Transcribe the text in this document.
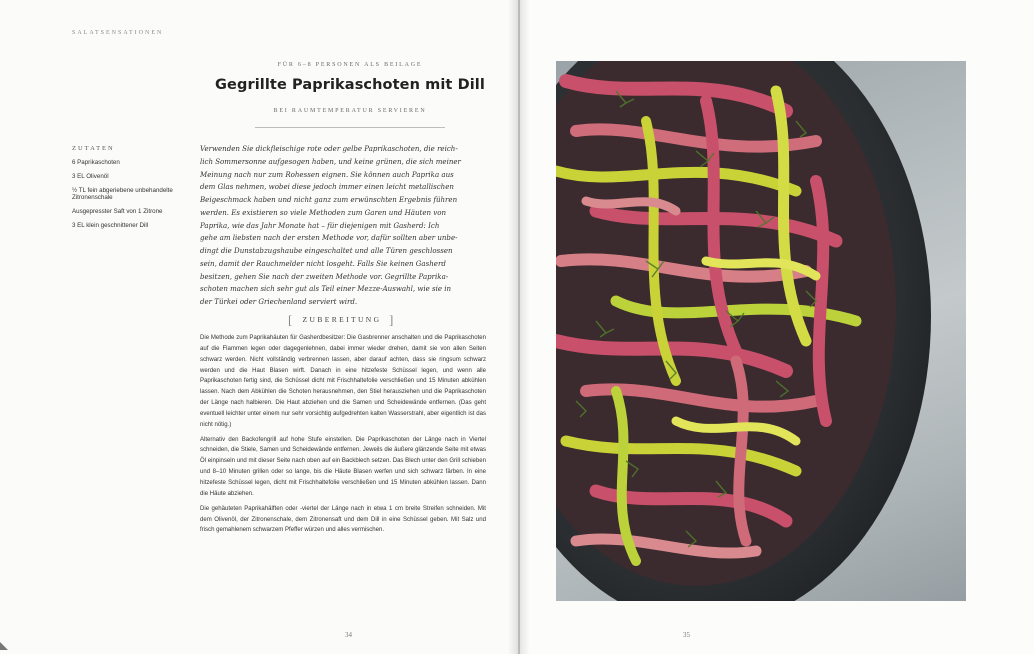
SALATSENSATIONEN
FÜR 6–8 PERSONEN ALS BEILAGE
Gegrillte Paprikaschoten mit Dill
BEI RAUMTEMPERATUR SERVIEREN
ZUTATEN
6 Paprikaschoten
3 EL Olivenöl
½ TL fein abgeriebene unbehandelte Zitronenschale
Ausgepresster Saft von 1 Zitrone
3 EL klein geschnittener Dill
Verwenden Sie dickfleischige rote oder gelbe Paprikaschoten, die reich-
lich Sommersonne aufgesogen haben, und keine grünen, die sich meiner
Meinung nach nur zum Rohessen eignen. Sie können auch Paprika aus
dem Glas nehmen, wobei diese jedoch immer einen leicht metallischen
Beigeschmack haben und nicht ganz zum erwünschten Ergebnis führen
werden. Es existieren so viele Methoden zum Garen und Häuten von
Paprika, wie das Jahr Monate hat – für diejenigen mit Gasherd: Ich
gehe am liebsten nach der ersten Methode vor, dafür sollten aber unbe-
dingt die Dunstabzugshaube eingeschaltet und alle Türen geschlossen
sein, damit der Rauchmelder nicht losgeht. Falls Sie keinen Gasherd
besitzen, gehen Sie nach der zweiten Methode vor. Gegrillte Paprika-
schoten machen sich sehr gut als Teil einer Mezze-Auswahl, wie sie in
der Türkei oder Griechenland serviert wird.
[	ZUBEREITUNG ]

Die Methode zum Paprikahäuten für Gasherdbesitzer: Die Gasbrenner anschalten und die Paprikaschoten auf die Flammen legen oder dagegenlehnen, dabei immer wieder drehen, damit sie von allen Seiten schwarz werden. Nicht vollständig verbrennen lassen, aber darauf achten, dass sie ringsum schwarz werden und die Haut Blasen wirft. Danach in eine hitzefeste Schüssel legen, und wenn alle Paprikaschoten fertig sind, die Schüssel dicht mit Frischhaltefolie verschließen und 15 Minuten abkühlen lassen. Nach dem Abkühlen die Schoten herausnehmen, den Stiel herausziehen und die Paprikaschoten der Länge nach halbieren. Die Haut abziehen und die Samen und Scheidewände entfernen. (Das geht eventuell leichter unter einem nur sehr vorsichtig aufgedrehten kalten Wasserstrahl, aber eigentlich ist das nicht nötig.)

Alternativ den Backofengrill auf hohe Stufe einstellen. Die Paprikaschoten der Länge nach in Viertel schneiden, die Stiele, Samen und Scheidewände entfernen. Jeweils die äußere glänzende Seite mit etwas Öl einpinseln und mit dieser Seite nach oben auf ein Backblech setzen. Das Blech unter den Grill schieben und 8–10 Minuten grillen oder so lange, bis die Häute Blasen werfen und sich schwarz färben. In eine hitzefeste Schüssel legen, dicht mit Frischhaltefolie verschließen und 15 Minuten abkühlen lassen. Dann die Häute abziehen.

Die gehäuteten Paprikahälften oder -viertel der Länge nach in etwa 1 cm breite Streifen schneiden. Mit dem Olivenöl, der Zitronenschale, dem Zitronensaft und dem Dill in eine Schüssel geben. Mit Salz und frisch gemahlenem schwarzem Pfeffer würzen und alles vermischen.

34	35
